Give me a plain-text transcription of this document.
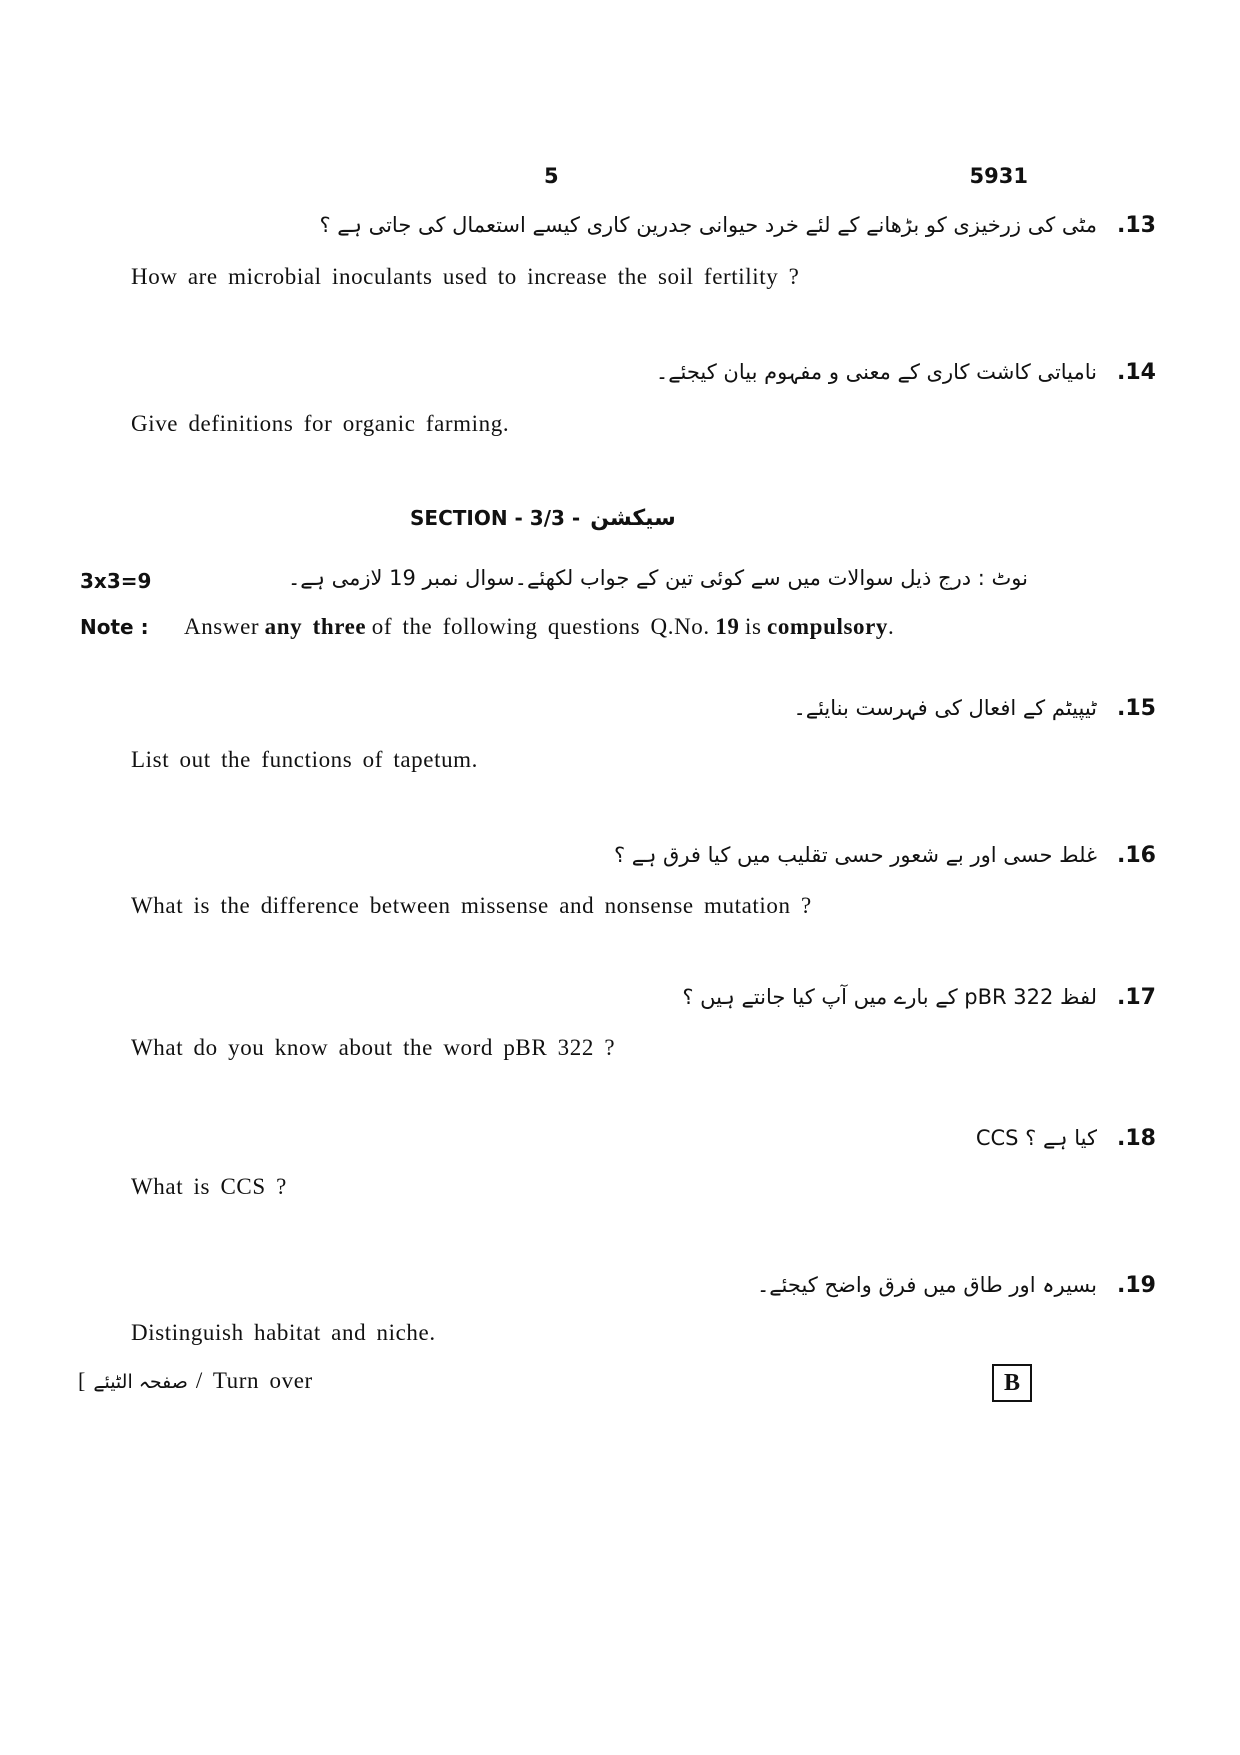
5	5931
.13
مٹی کی زرخیزی کو بڑھانے کے لئے خرد حیوانی جدرین کاری کیسے استعمال کی جاتی ہے ؟
How are microbial inoculants used to increase the soil fertility ?
.14
نامیاتی کاشت کاری کے معنی و مفہوم بیان کیجئے۔
Give definitions for organic farming.
SECTION - 3/3 - سیکشن
3x3=9	نوٹ : درج ذیل سوالات میں سے کوئی تین کے جواب لکھئے۔سوال نمبر 19 لازمی ہے۔
Note : Answer any three of the following questions Q.No. 19 is compulsory.
.15
ٹیپیٹم کے افعال کی فہرست بنایئے۔
List out the functions of tapetum.
.16
غلط حسی اور بے شعور حسی تقلیب میں کیا فرق ہے ؟
What is the difference between missense and nonsense mutation ?
.17
لفظ pBR 322 کے بارے میں آپ کیا جانتے ہیں ؟
What do you know about the word pBR 322 ?
.18
CCS کیا ہے ؟
What is CCS ?
.19
بسیرہ اور طاق میں فرق واضح کیجئے۔
Distinguish habitat and niche.
[ صفحہ الٹیئے / Turn over	B
